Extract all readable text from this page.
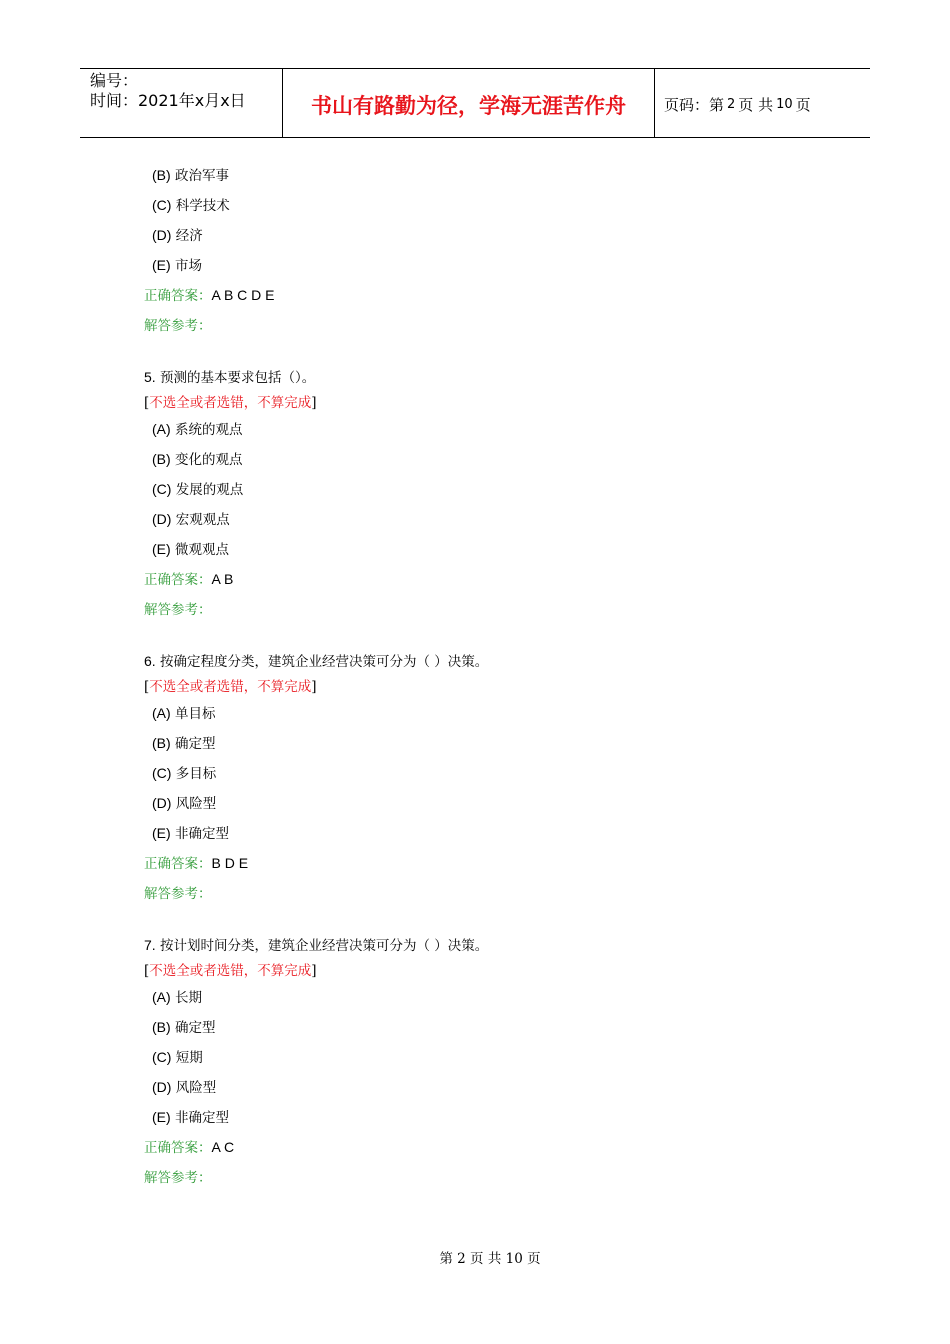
编号：
时间：2021年x月x日	书山有路勤为径，学海无涯苦作舟	页码：第 2 页 共 10 页
(B) 政治军事
(C) 科学技术
(D) 经济
(E) 市场
正确答案：A B C D E
解答参考：
5. 预测的基本要求包括（）。
[不选全或者选错，不算完成]
(A) 系统的观点
(B) 变化的观点
(C) 发展的观点
(D) 宏观观点
(E) 微观观点
正确答案：A B
解答参考：
6. 按确定程度分类，建筑企业经营决策可分为（ ）决策。
[不选全或者选错，不算完成]
(A) 单目标
(B) 确定型
(C) 多目标
(D) 风险型
(E) 非确定型
正确答案：B D E
解答参考：
7. 按计划时间分类，建筑企业经营决策可分为（ ）决策。
[不选全或者选错，不算完成]
(A) 长期
(B) 确定型
(C) 短期
(D) 风险型
(E) 非确定型
正确答案：A C
解答参考：
第 2 页 共 10 页
